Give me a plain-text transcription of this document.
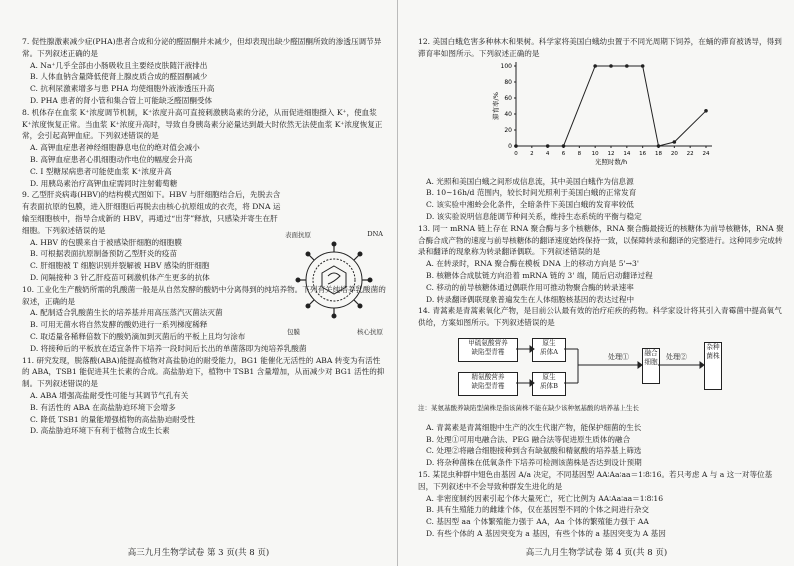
7. 促性腺激素减少症(PHA)患者合成和分泌的醛固酮并未减少，但却表现出缺少醛固酮所致的渗透压调节异常。下列叙述正确的是

A. Na⁺几乎全部由小肠吸收且主要经皮肤随汗液排出

B. 人体血钠含量降低使肾上腺皮质合成的醛固酮减少

C. 抗利尿激素增多与患 PHA 均使细胞外液渗透压升高

D. PHA 患者的肾小管和集合管上可能缺乏醛固酮受体

8. 机体存在血浆 K⁺浓度调节机制，K⁺浓度升高可直接刺激胰岛素的分泌，从而促进细胞摄入 K⁺，使血浆 K⁺浓度恢复正常。当血浆 K⁺浓度升高时，导致自身胰岛素分泌量达到最大时依然无法使血浆 K⁺浓度恢复正常，会引起高钾血症。下列叙述错误的是

A. 高钾血症患者神经细胞静息电位的绝对值会减小

B. 高钾血症患者心肌细胞动作电位的幅度会升高

C. I 型糖尿病患者可能使血浆 K⁺浓度升高

D. 用胰岛素治疗高钾血症需同时注射葡萄糖

9. 乙型肝炎病毒(HBV)的结构模式图如下。HBV 与肝细胞结合后，先脱去含有表面抗原的包膜，进入肝细胞后再脱去由核心抗原组成的衣壳，将 DNA 运输至细胞核中，指导合成新的 HBV，再通过“出芽”释放，只感染并寄生在肝细胞。下列叙述错误的是

A. HBV 的包膜来自于被感染肝细胞的细胞膜

B. 可根据表面抗原制备预防乙型肝炎的疫苗

C. 肝细胞被 T 细胞识别并裂解被 HBV 感染的肝细胞

D. 间隔接种 3 针乙肝疫苗可刺激机体产生更多的抗体

10. 工业化生产酸奶所需的乳酸菌一般是从自然发酵的酸奶中分离得到的纯培养物。下列有关纯培养乳酸菌的叙述，正确的是

A. 配制适合乳酸菌生长的培养基并用高压蒸汽灭菌法灭菌

B. 可用无菌水将自然发酵的酸奶进行一系列梯度稀释

C. 取适量各稀释倍数下的酸奶滴加到灭菌后的平板上且均匀涂布

D. 将接种后的平板放在适宜条件下培养一段时间后长出的单菌落即为纯培养乳酸菌

11. 研究发现，脱落酸(ABA)能提高植物对高盐胁迫的耐受能力，BG1 能催化无活性的 ABA 转变为有活性的 ABA，TSB1 能促进其生长素的合成。高盐胁迫下，植物中 TSB1 含量增加，从而减少对 BG1 活性的抑制。下列叙述错误的是

A. ABA 增强高盐耐受性可能与其调节气孔有关

B. 有活性的 ABA 在高盐胁迫环境下会增多

C. 降低 TSB1 的量能增强植物的高盐胁迫耐受性

D. 高盐胁迫环境下有利于植物合成生长素

表面抗原	DNA
包膜	核心抗原
高三九月生物学试卷 第 3 页(共 8 页)

12. 美国白蛾危害多种林木和果树。科学家将美国白蛾幼虫置于不同光周期下饲养，在蛹的滞育被诱导，得到滞育率如图所示。下列叙述正确的是

A. 光照和美国白蛾之间形成信息流，其中美国白蛾作为信息源

B. 10~16h/d 范围内，较长时间光照利于美国白蛾的正常发育

C. 该实验中湘蛉会化条件，全暗条件下美国白蛾的发育率较低

D. 该实验说明信息能调节种间关系，维持生态系统的平衡与稳定

13. 同一 mRNA 链上存在 RNA 聚合酶与多个核糖体，RNA 聚合酶最接近的核糖体为前导核糖体，RNA 聚合酶合成产物的速度与前导核糖体的翻译速度始终保持一致，以保障转录和翻译的完整进行。这种同步完成转录和翻译的现象称为转录翻译偶联。下列叙述错误的是

A. 在转录时，RNA 聚合酶在模板 DNA 上的移动方向是 5'→3'

B. 核糖体合成肽链方向沿着 mRNA 链的 3' 端，随后启动翻译过程

C. 移动的前导核糖体通过偶联作用可推动物聚合酶的转录速率

D. 转录翻译偶联现象普遍发生在人体细胞核基因的表达过程中

14. 青蒿素是青蒿素氧化产物，是目前公认最有效的治疗疟疾的药物。科学家设计将其引入青霉菌中提高氧气供给，方案如图所示。下列叙述错误的是

注：某氨基酸养缺陷型菌株是指该菌株不能在缺少该种氨基酸的培养基上生长

A. 青蒿素是青蒿细胞中生产的次生代谢产物，能保护细菌的生长

B. 处理①可用电融合法、PEG 融合法等促进原生质体的融合

C. 处理②将融合细胞接种到含有缺氨酸和精氨酸的培养基上筛选

D. 将杂种菌株在低氧条件下培养可检测该菌株是否达到设计预期

15. 某昆虫种群中翅色由基因 A/a 决定，不同基因型 AA∶Aa∶aa＝1∶8∶16。若只考虑 A 与 a 这一对等位基因，下列叙述中不会导致种群发生进化的是

A. 非密度制约因素引起个体大量死亡，死亡比例为 AA∶Aa∶aa＝1∶8∶16

B. 具有生殖能力的雌雄个体，仅在基因型不同的个体之间进行杂交

C. 基因型 aa 个体繁殖能力强于 AA，Aa 个体的繁殖能力强于 AA

D. 有些个体的 A 基因突变为 a 基因，有些个体的 a 基因突变为 A 基因

0
20
40
60
80
100
0 2 4 6 8 10 12 14 16 18 20 22 24
光照时数/h
滞育率/%
甲硫氨酸营养
缺陷型青霉
原生
质体A
精氨酸营养
缺陷型青霉
原生
质体B
处理①	融合
细胞
处理②
杂种
菌株
高三九月生物学试卷 第 4 页(共 8 页)
